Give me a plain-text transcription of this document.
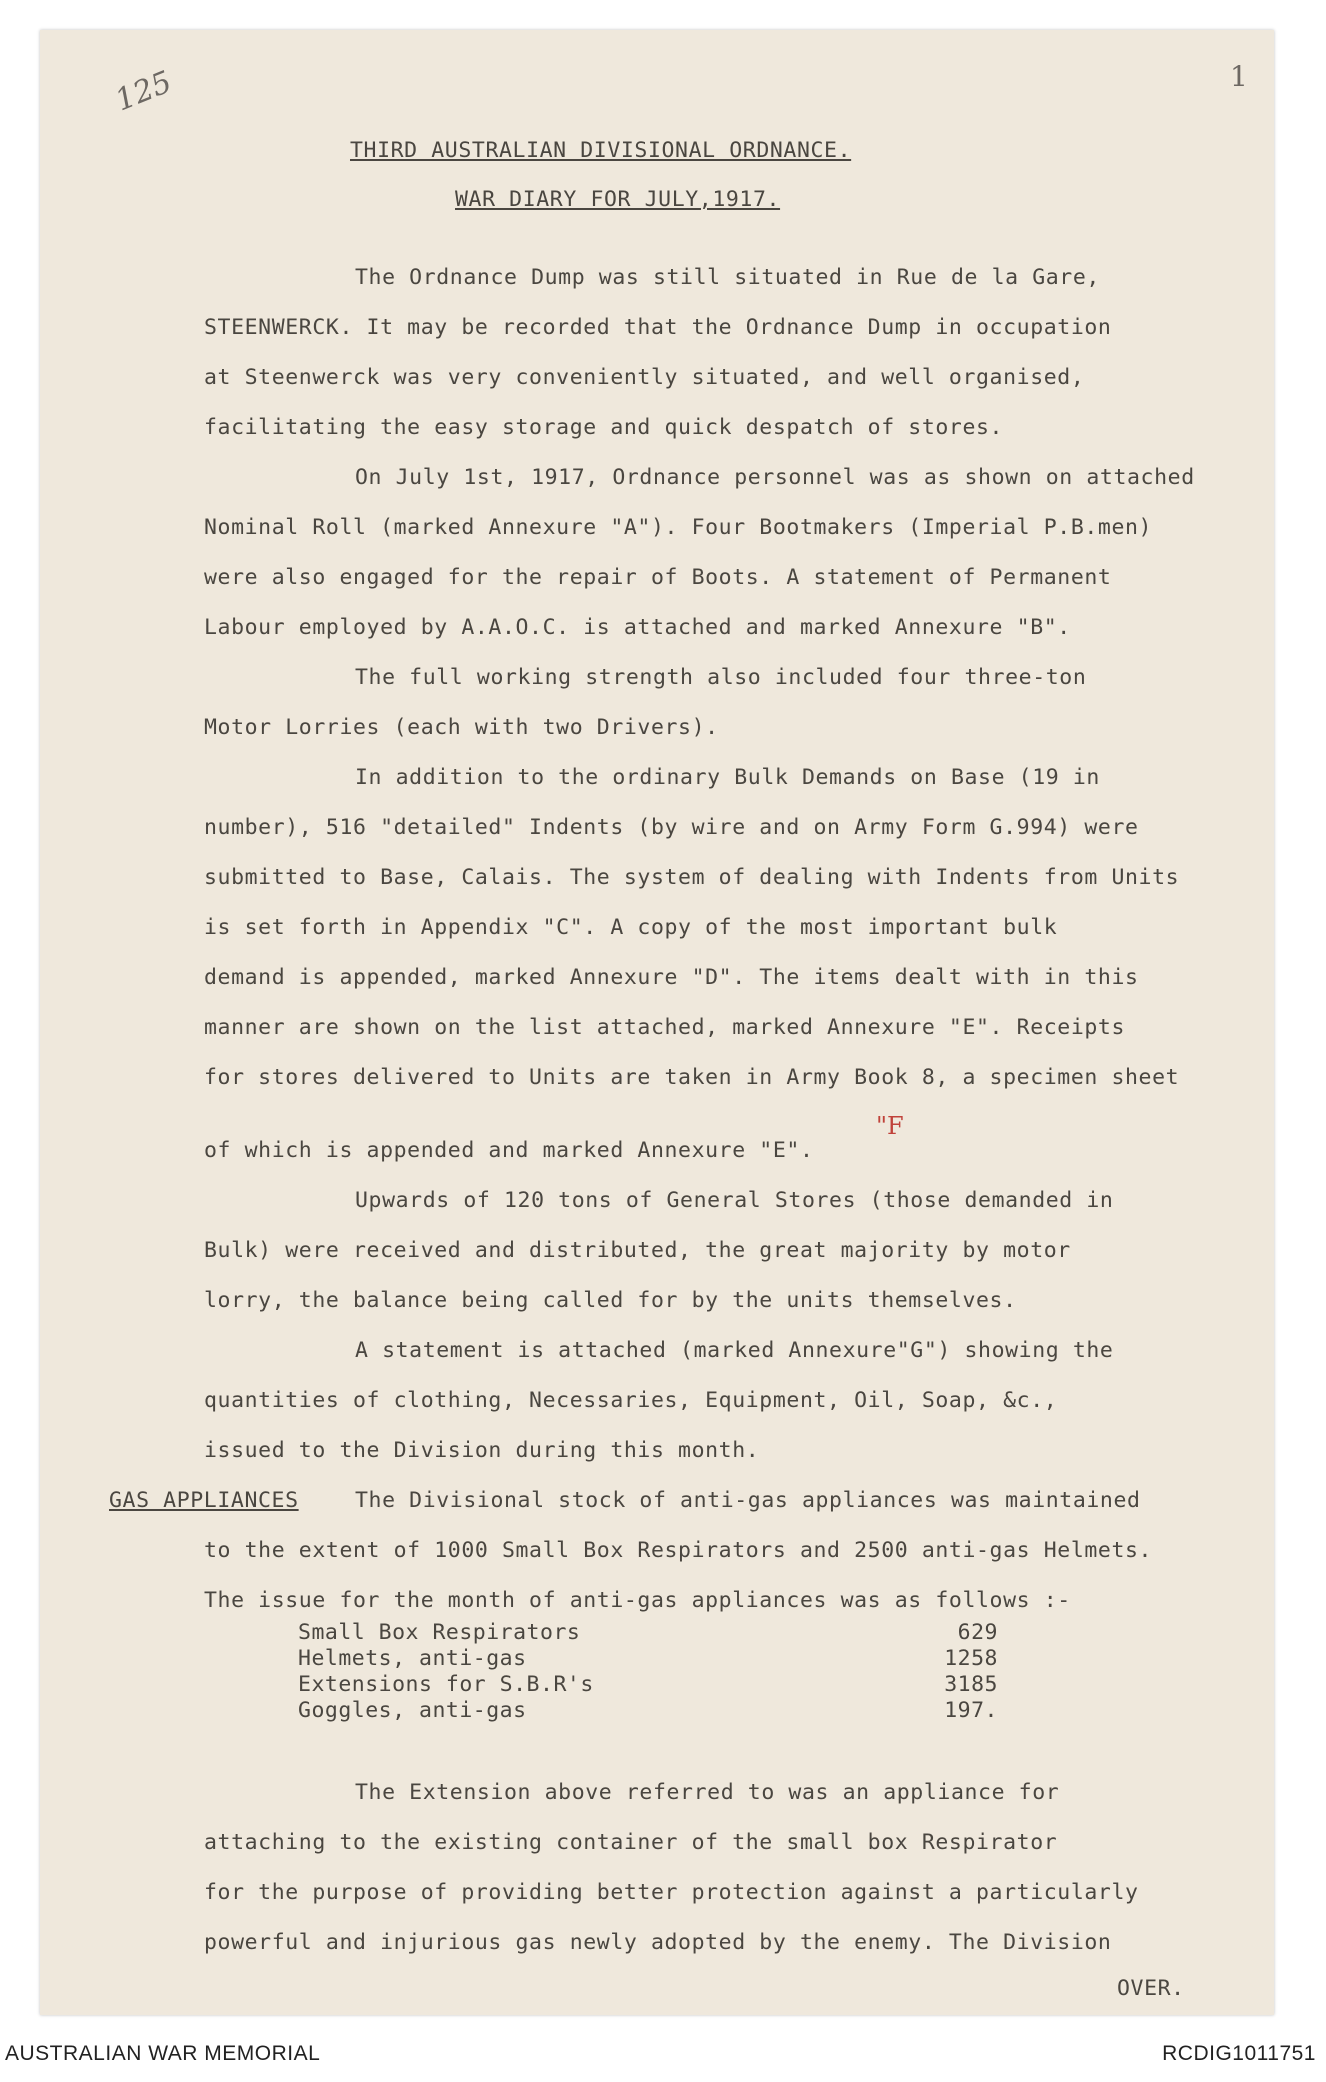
125	1
THIRD AUSTRALIAN DIVISIONAL ORDNANCE.
WAR DIARY FOR JULY,1917.
The Ordnance Dump was still situated in Rue de la Gare,
STEENWERCK. It may be recorded that the Ordnance Dump in occupation
at Steenwerck was very conveniently situated, and well organised,
facilitating the easy storage and quick despatch of stores.
On July 1st, 1917, Ordnance personnel was as shown on attached
Nominal Roll (marked Annexure "A"). Four Bootmakers (Imperial P.B.men)
were also engaged for the repair of Boots. A statement of Permanent
Labour employed by A.A.O.C. is attached and marked Annexure "B".
The full working strength also included four three-ton
Motor Lorries (each with two Drivers).
In addition to the ordinary Bulk Demands on Base (19 in
number), 516 "detailed" Indents (by wire and on Army Form G.994) were
submitted to Base, Calais. The system of dealing with Indents from Units
is set forth in Appendix "C". A copy of the most important bulk
demand is appended, marked Annexure "D". The items dealt with in this
manner are shown on the list attached, marked Annexure "E". Receipts
for stores delivered to Units are taken in Army Book 8, a specimen sheet
of which is appended and marked Annexure "E".
"F
Upwards of 120 tons of General Stores (those demanded in
Bulk) were received and distributed, the great majority by motor
lorry, the balance being called for by the units themselves.
A statement is attached (marked Annexure"G") showing the
quantities of clothing, Necessaries, Equipment, Oil, Soap, &c.,
issued to the Division during this month.
GAS APPLIANCES	The Divisional stock of anti-gas appliances was maintained
to the extent of 1000 Small Box Respirators and 2500 anti-gas Helmets.
The issue for the month of anti-gas appliances was as follows :-
Small Box Respirators	629
Helmets, anti-gas	1258
Extensions for S.B.R's	3185
Goggles, anti-gas	197.
The Extension above referred to was an appliance for
attaching to the existing container of the small box Respirator
for the purpose of providing better protection against a particularly
powerful and injurious gas newly adopted by the enemy. The Division
OVER.
AUSTRALIAN WAR MEMORIAL	RCDIG1011751
